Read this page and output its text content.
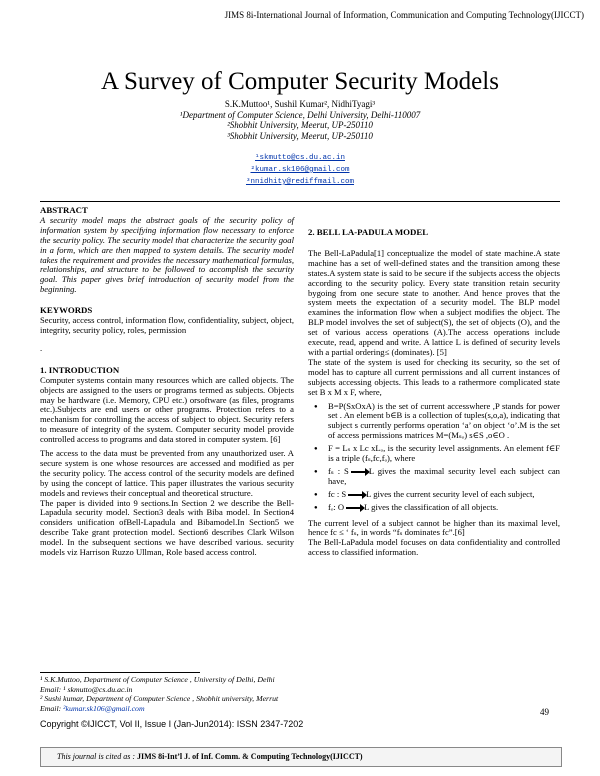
JIMS 8i-International Journal of Information, Communication and Computing Technology(IJICCT)
A Survey of Computer Security Models
S.K.Muttoo¹, Sushil Kumar², NidhiTyagi³
¹Department of Computer Science, Delhi University, Delhi-110007
²Shobhit University, Meerut, UP-250110
³Shobhit University, Meerut, UP-250110
¹skmutto@cs.du.ac.in
²kumar.sk106@gmail.com
³nnidhity@rediffmail.com

ABSTRACT

A security model maps the abstract goals of the security policy of information system by specifying information flow necessary to enforce the security policy. The security model that characterize the security goal in a form, which are then mapped to system details. The security model takes the requirement and provides the necessary mathematical formulas, relationships, and structure to be followed to accomplish the security goal. This paper gives brief introduction of security model from the beginning.

KEYWORDS

Security, access control, information flow, confidentiality, subject, object, integrity, security policy, roles, permission

.

1. INTRODUCTION

Computer systems contain many resources which are called objects. The objects are assigned to the users or programs termed as subjects. Objects may be hardware (i.e. Memory, CPU etc.) orsoftware (as files, programs etc.).Subjects are end users or other programs. Protection refers to a mechanism for controlling the access of subject to object. Security refers to measure of integrity of the system. Computer security model provide controlled access to programs and data stored in computer system. [6]

The access to the data must be prevented from any unauthorized user. A secure system is one whose resources are accessed and modified as per the security policy. The access control of the security models are defined by using the concept of lattice. This paper illustrates the various security models and reviews their conceptual and theoretical structure.

The paper is divided into 9 sections.In Section 2 we describe the Bell-Lapadula security model. Section3 deals with Biba model. In Section4 considers unification ofBell-Lapadula and Bibamodel.In Section5 we describe Take grant protection model. Section6 describes Clark Wilson model. In the subsequent sections we have described various. security models viz Harrison Ruzzo Ullman, Role based access control.

2. BELL LA-PADULA MODEL

The Bell-LaPadula[1] conceptualize the model of state machine.A state machine has a set of well-defined states and the transition among these states.A system state is said to be secure if the subjects access the objects according to the security policy. Every state transition retain security bygoing from one secure state to another. And hence proves that the system meets the expectation of a security model. The BLP model examines the information flow when a subject modifies the object. The BLP model involves the set of subject(S), the set of objects (O), and the set of various access operations (A).The access operations include execute, read, append and write. A lattice L is defined of security levels with a partial ordering≤ (dominates). [5]

The state of the system is used for checking its security, so the set of model has to capture all current permissions and all current instances of subjects accessing objects. This leads to a rathermore complicated state set B x M x F, where,

● B=P(SxOxA) is the set of current accesswhere ,P stands for power set . An element b∈B is a collection of tuples(s,o,a), indicating that subject s currently performs operation ‘a’ on object ‘o’.M is the set of access permissions matrices M=(Mₛₒ) s∈S ,o∈O .
● F = Lₛ x Lc xLₒ, is the security level assignments. An element f∈F is a triple (fₛ,fc,fₒ), where
● fₛ : S L gives the maximal security level each subject can have,
● fc : S L gives the current security level of each subject,
● fₒ: O L gives the classification of all objects.

The current level of a subject cannot be higher than its maximal level, hence fc ≤ ‘ fₛ, in words “fₛ dominates fc”.[6]

The Bell-LaPadula model focuses on data confidentiality and controlled access to classified information.

¹ S.K.Muttoo, Department of Computer Science , University of Delhi, Delhi
Email: ¹ skmutto@cs.du.ac.in
² Sushi kumar, Department of Computer Science , Shobhit university, Merrut
Email: ²kumar.sk106@gmail.com
Copyright ©IJICCT, Vol II, Issue I (Jan-Jun2014): ISSN 2347-7202
49
This journal is cited as : JIMS 8i-Int’l J. of Inf. Comm. & Computing Technology(IJICCT)
